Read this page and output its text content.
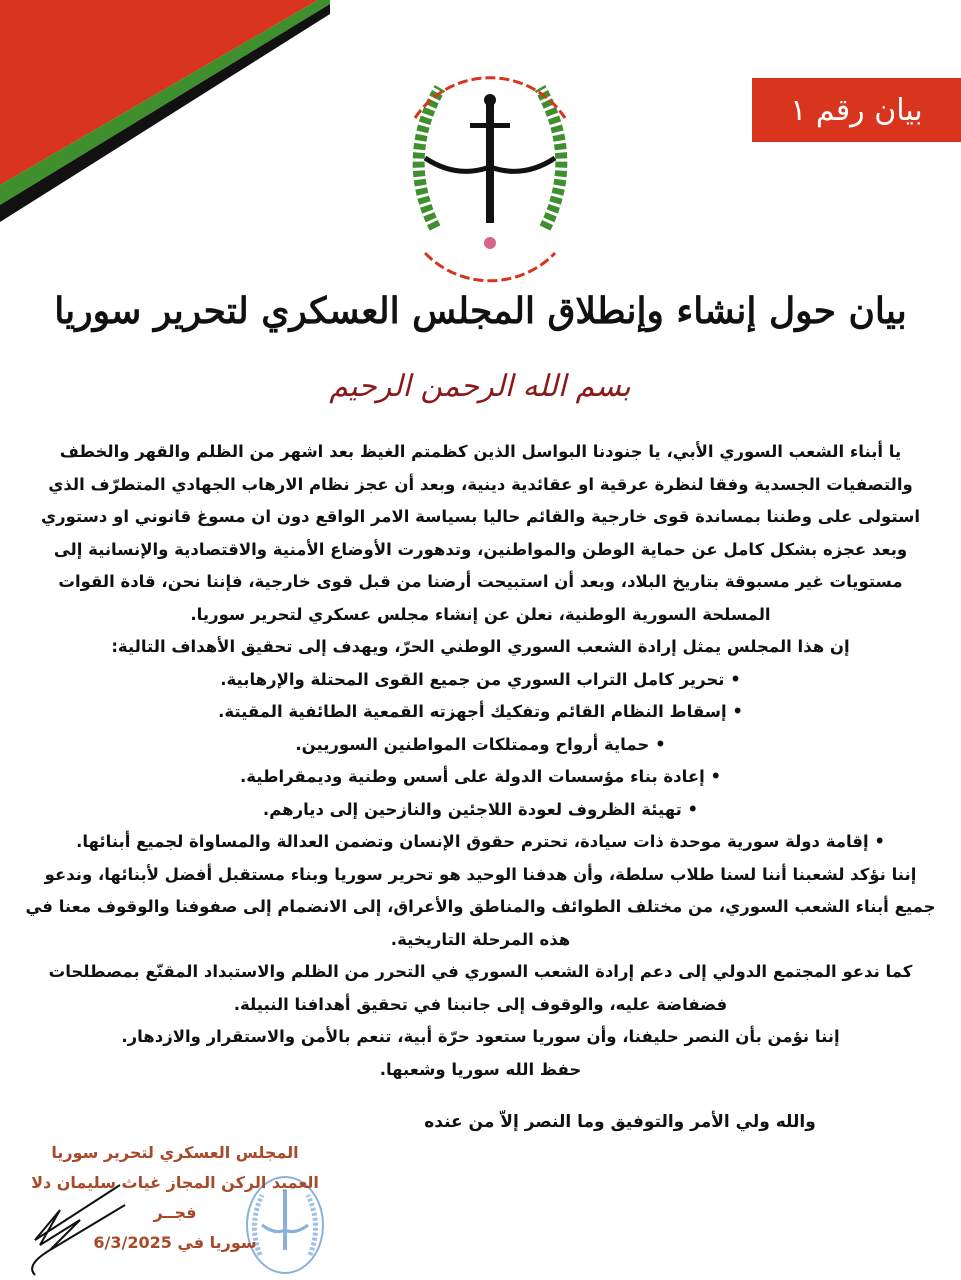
بيان رقم ١
بيان حول إنشاء وإنطلاق المجلس العسكري لتحرير سوريا
بسم الله الرحمن الرحيم
يا أبناء الشعب السوري الأبي، يا جنودنا البواسل الذين كظمتم الغيظ بعد اشهر من الظلم والقهر والخطف
والتصفيات الجسدية وفقا لنظرة عرقية او عقائدية دينية، وبعد أن عجز نظام الارهاب الجهادي المتطرّف الذي
استولى على وطننا بمساندة قوى خارجية والقائم حاليا بسياسة الامر الواقع دون ان مسوغ قانوني او دستوري
وبعد عجزه بشكل كامل عن حماية الوطن والمواطنين، وتدهورت الأوضاع الأمنية والاقتصادية والإنسانية إلى
مستويات غير مسبوقة بتاريخ البلاد، وبعد أن استبيحت أرضنا من قبل قوى خارجية، فإننا نحن، قادة القوات
المسلحة السورية الوطنية، نعلن عن إنشاء مجلس عسكري لتحرير سوريا.
إن هذا المجلس يمثل إرادة الشعب السوري الوطني الحرّ، ويهدف إلى تحقيق الأهداف التالية:
• تحرير كامل التراب السوري من جميع القوى المحتلة والإرهابية.
• إسقاط النظام القائم وتفكيك أجهزته القمعية الطائفية المقيتة.
• حماية أرواح وممتلكات المواطنين السوريين.
• إعادة بناء مؤسسات الدولة على أسس وطنية وديمقراطية.
• تهيئة الظروف لعودة اللاجئين والنازحين إلى ديارهم.
• إقامة دولة سورية موحدة ذات سيادة، تحترم حقوق الإنسان وتضمن العدالة والمساواة لجميع أبنائها.
إننا نؤكد لشعبنا أننا لسنا طلاب سلطة، وأن هدفنا الوحيد هو تحرير سوريا وبناء مستقبل أفضل لأبنائها، وندعو
جميع أبناء الشعب السوري، من مختلف الطوائف والمناطق والأعراق، إلى الانضمام إلى صفوفنا والوقوف معنا في
هذه المرحلة التاريخية.
كما ندعو المجتمع الدولي إلى دعم إرادة الشعب السوري في التحرر من الظلم والاستبداد المقنّع بمصطلحات
فضفاضة عليه، والوقوف إلى جانبنا في تحقيق أهدافنا النبيلة.
إننا نؤمن بأن النصر حليفنا، وأن سوريا ستعود حرّة أبية، تنعم بالأمن والاستقرار والازدهار.
حفظ الله سوريا وشعبها.
والله ولي الأمر والتوفيق وما النصر إلاّ من عنده
المجلس العسكري لتحرير سوريا
العميد الركن المجاز غياث سليمان دلا
فجــر
سوريا في 6/3/2025
